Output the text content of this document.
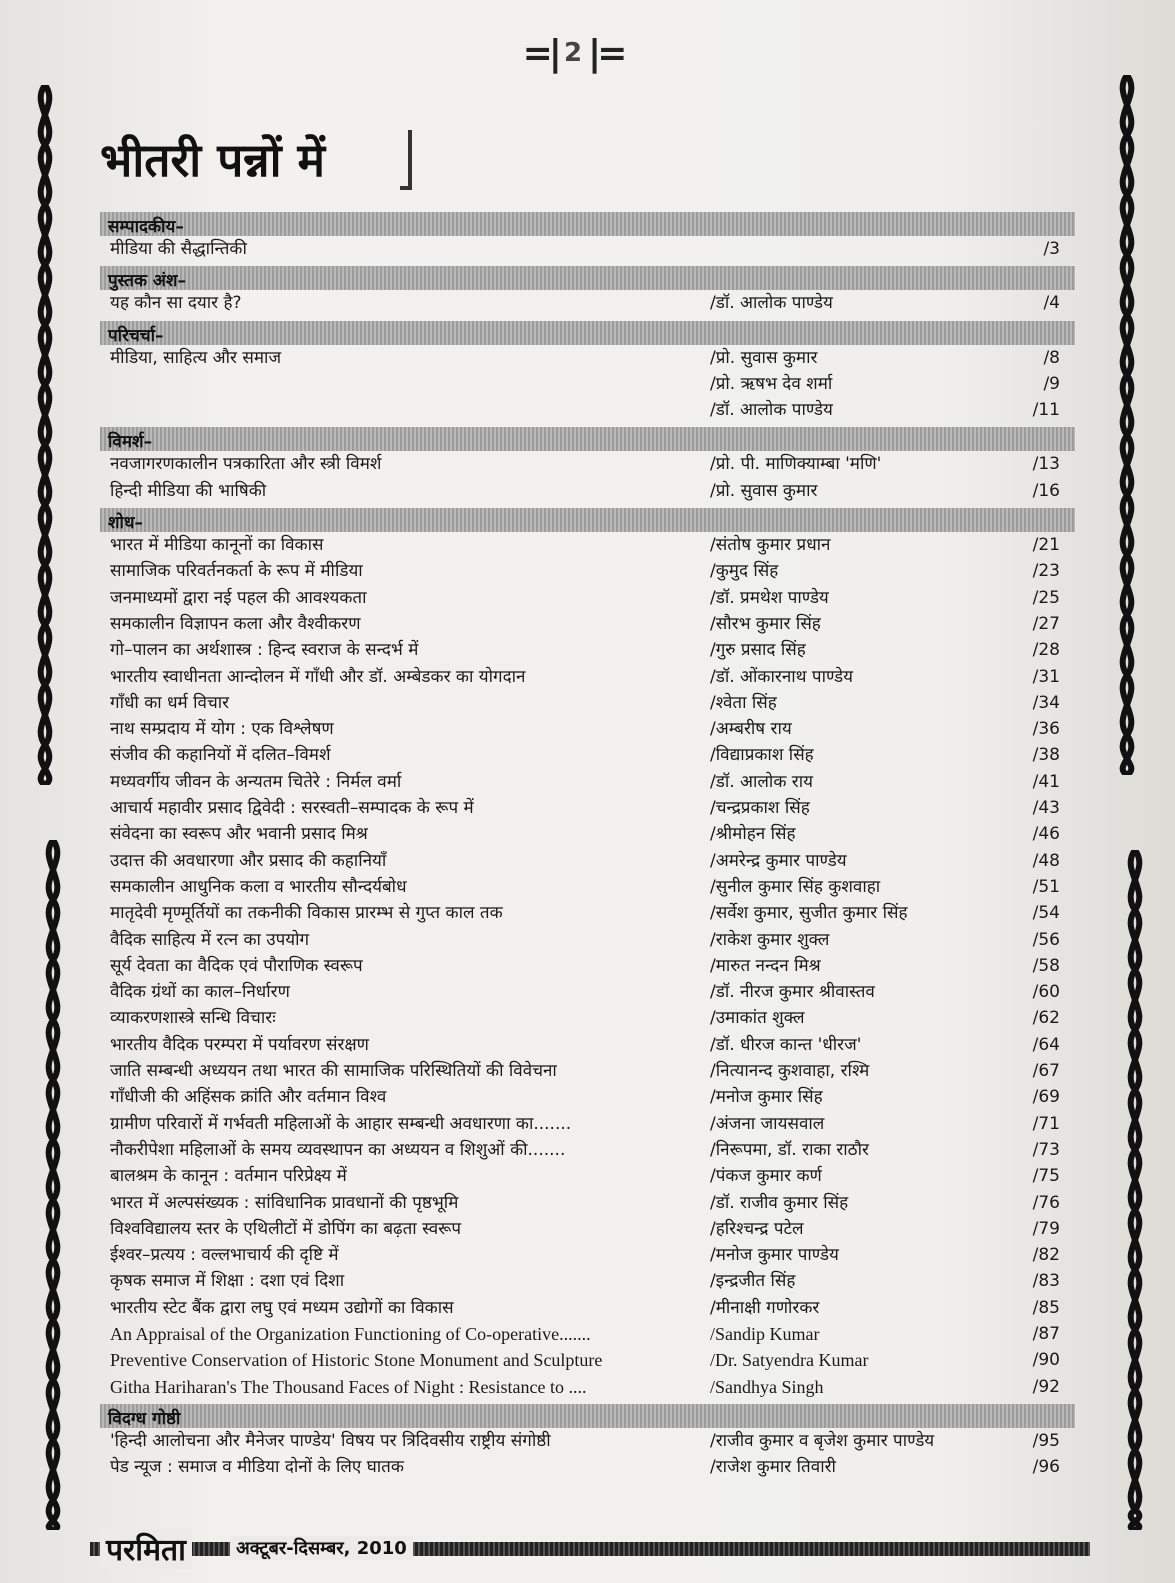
=| 2 |=
भीतरी पन्नों में
सम्पादकीय–
मीडिया की सैद्धान्तिकी	/3
पुस्तक अंश–
यह कौन सा दयार है?	/डॉ. आलोक पाण्डेय	/4
परिचर्चा–
मीडिया, साहित्य और समाज	/प्रो. सुवास कुमार	/8
/प्रो. ऋषभ देव शर्मा	/9
/डॉ. आलोक पाण्डेय	/11
विमर्श–
नवजागरणकालीन पत्रकारिता और स्त्री विमर्श	/प्रो. पी. माणिक्याम्बा 'मणि'	/13
हिन्दी मीडिया की भाषिकी	/प्रो. सुवास कुमार	/16
शोध–
भारत में मीडिया कानूनों का विकास	/संतोष कुमार प्रधान	/21
सामाजिक परिवर्तनकर्ता के रूप में मीडिया	/कुमुद सिंह	/23
जनमाध्यमों द्वारा नई पहल की आवश्यकता	/डॉ. प्रमथेश पाण्डेय	/25
समकालीन विज्ञापन कला और वैश्वीकरण	/सौरभ कुमार सिंह	/27
गो–पालन का अर्थशास्त्र : हिन्द स्वराज के सन्दर्भ में	/गुरु प्रसाद सिंह	/28
भारतीय स्वाधीनता आन्दोलन में गाँधी और डॉ. अम्बेडकर का योगदान	/डॉ. ओंकारनाथ पाण्डेय	/31
गाँधी का धर्म विचार	/श्वेता सिंह	/34
नाथ सम्प्रदाय में योग : एक विश्लेषण	/अम्बरीष राय	/36
संजीव की कहानियों में दलित–विमर्श	/विद्याप्रकाश सिंह	/38
मध्यवर्गीय जीवन के अन्यतम चितेरे : निर्मल वर्मा	/डॉ. आलोक राय	/41
आचार्य महावीर प्रसाद द्विवेदी : सरस्वती–सम्पादक के रूप में	/चन्द्रप्रकाश सिंह	/43
संवेदना का स्वरूप और भवानी प्रसाद मिश्र	/श्रीमोहन सिंह	/46
उदात्त की अवधारणा और प्रसाद की कहानियाँ	/अमरेन्द्र कुमार पाण्डेय	/48
समकालीन आधुनिक कला व भारतीय सौन्दर्यबोध	/सुनील कुमार सिंह कुशवाहा	/51
मातृदेवी मृण्मूर्तियों का तकनीकी विकास प्रारम्भ से गुप्त काल तक	/सर्वेश कुमार, सुजीत कुमार सिंह	/54
वैदिक साहित्य में रत्न का उपयोग	/राकेश कुमार शुक्ल	/56
सूर्य देवता का वैदिक एवं पौराणिक स्वरूप	/मारुत नन्दन मिश्र	/58
वैदिक ग्रंथों का काल–निर्धारण	/डॉ. नीरज कुमार श्रीवास्तव	/60
व्याकरणशास्त्रे सन्धि विचारः	/उमाकांत शुक्ल	/62
भारतीय वैदिक परम्परा में पर्यावरण संरक्षण	/डॉ. धीरज कान्त 'धीरज'	/64
जाति सम्बन्धी अध्ययन तथा भारत की सामाजिक परिस्थितियों की विवेचना	/नित्यानन्द कुशवाहा, रश्मि	/67
गाँधीजी की अहिंसक क्रांति और वर्तमान विश्व	/मनोज कुमार सिंह	/69
ग्रामीण परिवारों में गर्भवती महिलाओं के आहार सम्बन्धी अवधारणा का.......	/अंजना जायसवाल	/71
नौकरीपेशा महिलाओं के समय व्यवस्थापन का अध्ययन व शिशुओं की.......	/निरूपमा, डॉ. राका राठौर	/73
बालश्रम के कानून : वर्तमान परिप्रेक्ष्य में	/पंकज कुमार कर्ण	/75
भारत में अल्पसंख्यक : सांविधानिक प्रावधानों की पृष्ठभूमि	/डॉ. राजीव कुमार सिंह	/76
विश्वविद्यालय स्तर के एथिलीटों में डोपिंग का बढ़ता स्वरूप	/हरिश्चन्द्र पटेल	/79
ईश्वर–प्रत्यय : वल्लभाचार्य की दृष्टि में	/मनोज कुमार पाण्डेय	/82
कृषक समाज में शिक्षा : दशा एवं दिशा	/इन्द्रजीत सिंह	/83
भारतीय स्टेट बैंक द्वारा लघु एवं मध्यम उद्योगों का विकास	/मीनाक्षी गणोरकर	/85
An Appraisal of the Organization Functioning of Co-operative.......	/Sandip Kumar	/87
Preventive Conservation of Historic Stone Monument and Sculpture	/Dr. Satyendra Kumar	/90
Githa Hariharan's The Thousand Faces of Night : Resistance to ....	/Sandhya Singh	/92
विदग्ध गोष्ठी
'हिन्दी आलोचना और मैनेजर पाण्डेय' विषय पर त्रिदिवसीय राष्ट्रीय संगोष्ठी	/राजीव कुमार व बृजेश कुमार पाण्डेय	/95
पेड न्यूज : समाज व मीडिया दोनों के लिए घातक	/राजेश कुमार तिवारी	/96
परमिता	अक्टूबर-दिसम्बर, 2010
